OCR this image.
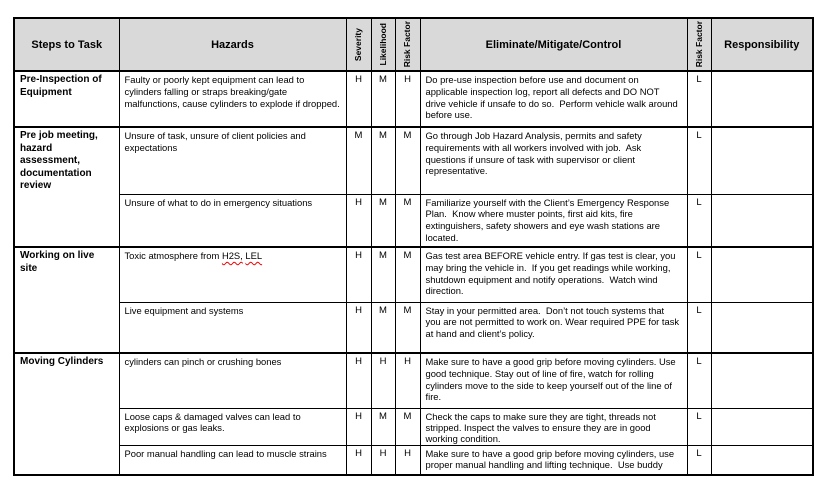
Steps to Task	Hazards	Severity	Likelihood	Risk Factor	Eliminate/Mitigate/Control	Risk Factor	Responsibility
Pre-Inspection of Equipment	Faulty or poorly kept equipment can lead to cylinders falling or straps breaking/gate malfunctions, cause cylinders to explode if dropped.	H	M	H	Do pre-use inspection before use and document on applicable inspection log, report all defects and DO NOT drive vehicle if unsafe to do so.  Perform vehicle walk around before use.	L	
Pre job meeting, hazard assessment, documentation review	Unsure of task, unsure of client policies and expectations	M	M	M	Go through Job Hazard Analysis, permits and safety requirements with all workers involved with job.  Ask questions if unsure of task with supervisor or client representative.	L	
	Unsure of what to do in emergency situations	H	M	M	Familiarize yourself with the Client’s Emergency Response Plan.  Know where muster points, first aid kits, fire extinguishers, safety showers and eye wash stations are located.	L	
Working on live site	Toxic atmosphere from H2S, LEL	H	M	M	Gas test area BEFORE vehicle entry. If gas test is clear, you may bring the vehicle in.  If you get readings while working, shutdown equipment and notify operations.  Watch wind direction.	L	
	Live equipment and systems	H	M	M	Stay in your permitted area.  Don’t not touch systems that you are not permitted to work on. Wear required PPE for task at hand and client’s policy.	L	
Moving Cylinders	cylinders can pinch or crushing bones	H	H	H	Make sure to have a good grip before moving cylinders. Use good technique. Stay out of line of fire, watch for rolling cylinders move to the side to keep yourself out of the line of fire.	L	
	Loose caps & damaged valves can lead to explosions or gas leaks.	H	M	M	Check the caps to make sure they are tight, threads not stripped. Inspect the valves to ensure they are in good working condition.	L	
	Poor manual handling can lead to muscle strains	H	H	H	Make sure to have a good grip before moving cylinders, use proper manual handling and lifting technique.  Use buddy	L	
